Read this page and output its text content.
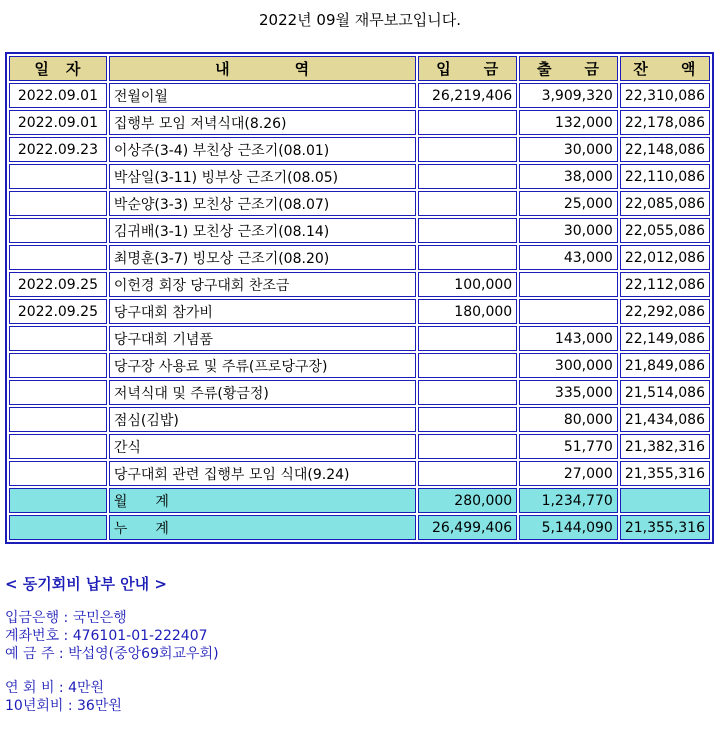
2022년 09월 재무보고입니다.
일　자	내　　　　역	입　　금	출　　금	잔　　액
2022.09.01	전월이월	26,219,406	3,909,320	22,310,086
2022.09.01	집행부 모임 저녁식대(8.26)		132,000	22,178,086
2022.09.23	이상주(3-4) 부친상 근조기(08.01)		30,000	22,148,086
	박삼일(3-11) 빙부상 근조기(08.05)		38,000	22,110,086
	박순양(3-3) 모친상 근조기(08.07)		25,000	22,085,086
	김귀배(3-1) 모친상 근조기(08.14)		30,000	22,055,086
	최명훈(3-7) 빙모상 근조기(08.20)		43,000	22,012,086
2022.09.25	이헌경 회장 당구대회 찬조금	100,000		22,112,086
2022.09.25	당구대회 참가비	180,000		22,292,086
	당구대회 기념품		143,000	22,149,086
	당구장 사용료 및 주류(프로당구장)		300,000	21,849,086
	저녁식대 및 주류(황금정)		335,000	21,514,086
	점심(김밥)		80,000	21,434,086
	간식		51,770	21,382,316
	당구대회 관련 집행부 모임 식대(9.24)		27,000	21,355,316
	월　　계	280,000	1,234,770	
	누　　계	26,499,406	5,144,090	21,355,316
< 동기회비 납부 안내 >
입금은행 : 국민은행
계좌번호 : 476101-01-222407
예 금 주 : 박섭영(중앙69회교우회)
연 회 비 : 4만원
10년회비 : 36만원
